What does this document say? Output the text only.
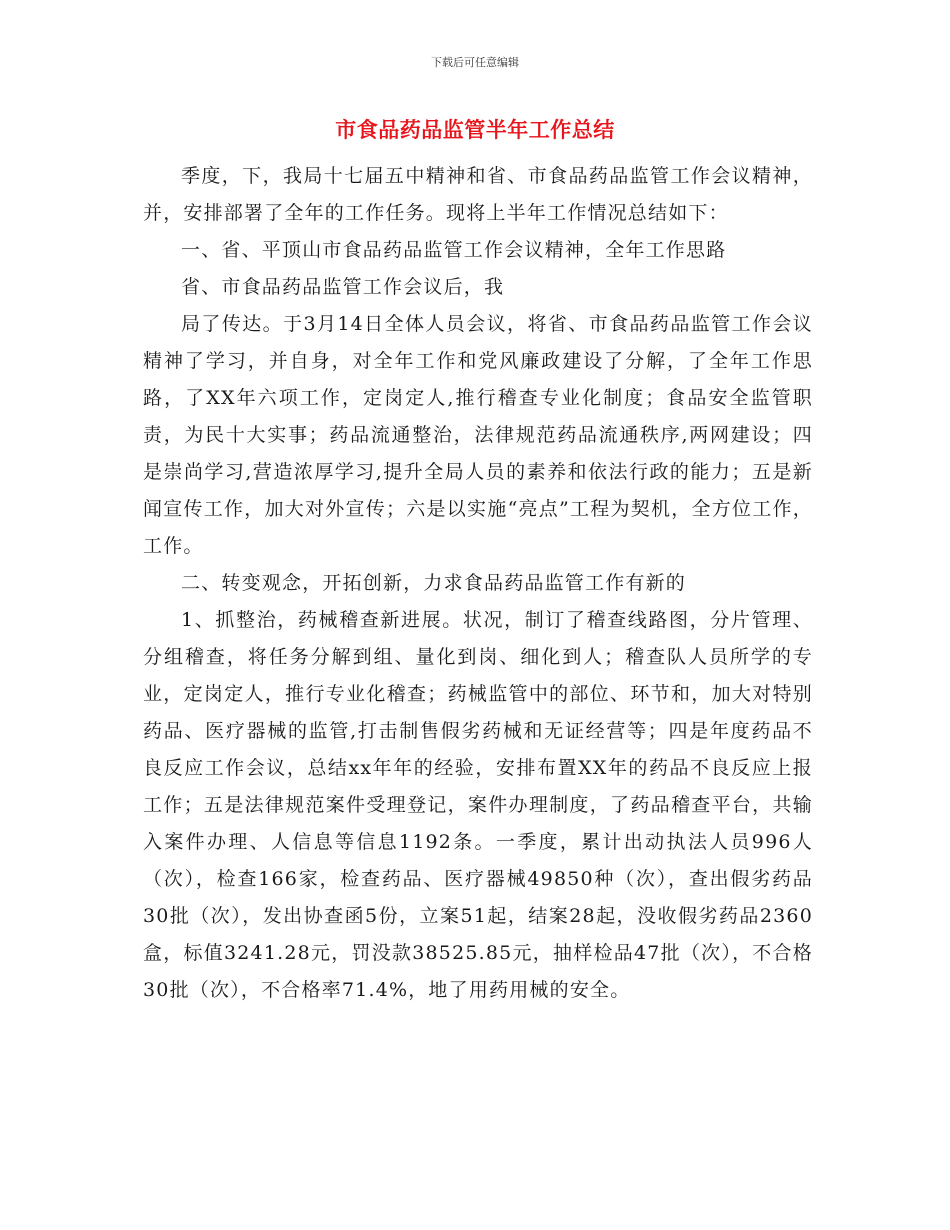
下载后可任意编辑
市食品药品监管半年工作总结

季度，下，我局十七届五中精神和省、市食品药品监管工作会议精神，并，安排部署了全年的工作任务。现将上半年工作情况总结如下：

一、省、平顶山市食品药品监管工作会议精神，全年工作思路

省、市食品药品监管工作会议后，我

局了传达。于3月14日全体人员会议，将省、市食品药品监管工作会议精神了学习，并自身，对全年工作和党风廉政建设了分解，了全年工作思路，了XX年六项工作，定岗定人,推行稽查专业化制度；食品安全监管职责，为民十大实事；药品流通整治，法律规范药品流通秩序,两网建设；四是崇尚学习,营造浓厚学习,提升全局人员的素养和依法行政的能力；五是新闻宣传工作，加大对外宣传；六是以实施“亮点”工程为契机，全方位工作，工作。

二、转变观念，开拓创新，力求食品药品监管工作有新的

1、抓整治，药械稽查新进展。状况，制订了稽查线路图，分片管理、分组稽查，将任务分解到组、量化到岗、细化到人；稽查队人员所学的专业，定岗定人，推行专业化稽查；药械监管中的部位、环节和，加大对特别药品、医疗器械的监管,打击制售假劣药械和无证经营等；四是年度药品不良反应工作会议，总结xx年年的经验，安排布置XX年的药品不良反应上报工作；五是法律规范案件受理登记，案件办理制度，了药品稽查平台，共输入案件办理、人信息等信息1192条。一季度，累计出动执法人员996人（次），检查166家，检查药品、医疗器械49850种（次），查出假劣药品30批（次），发出协查函5份，立案51起，结案28起，没收假劣药品2360盒，标值3241.28元，罚没款38525.85元，抽样检品47批（次），不合格30批（次），不合格率71.4%，地了用药用械的安全。
